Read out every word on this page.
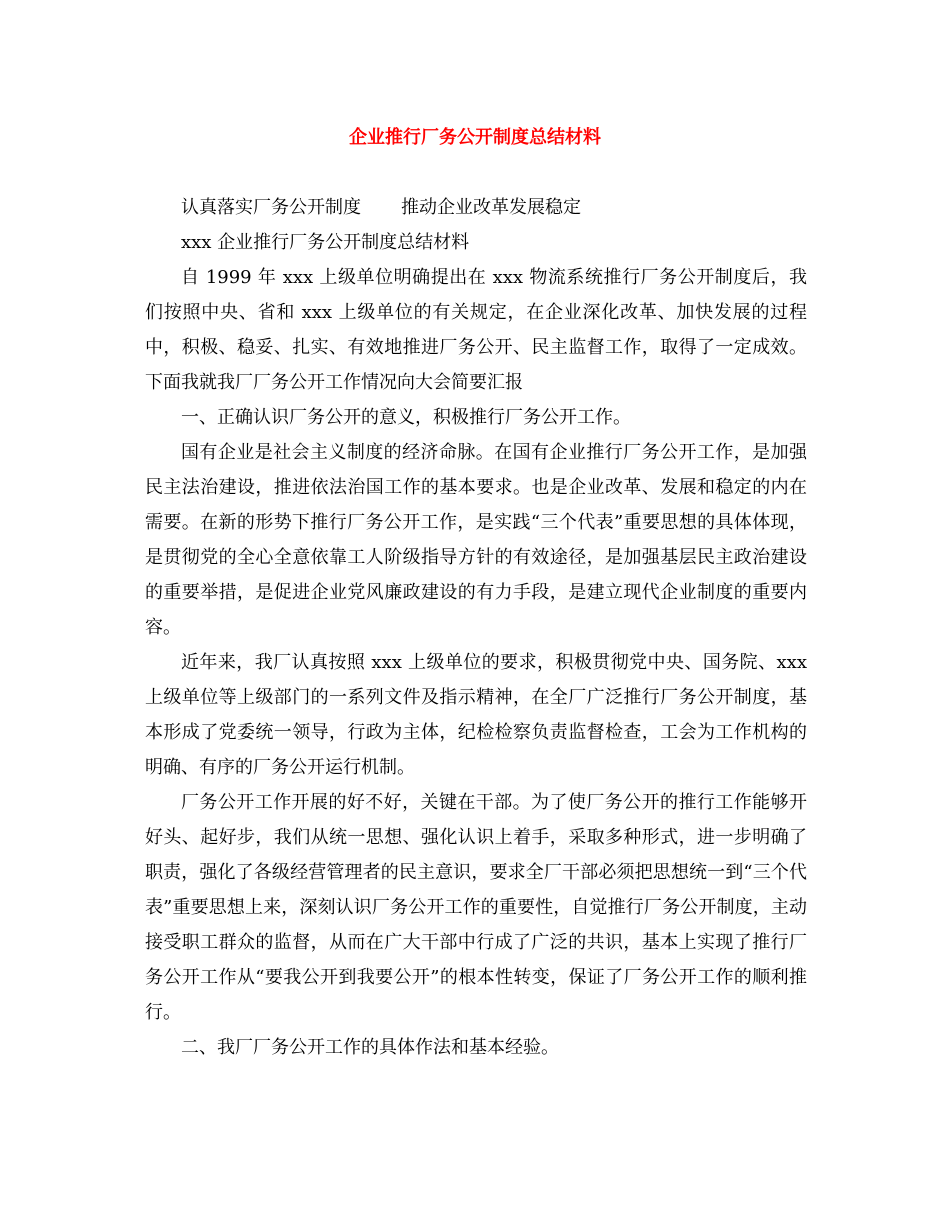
企业推行厂务公开制度总结材料
认真落实厂务公开制度 推动企业改革发展稳定

xxx 企业推行厂务公开制度总结材料

自 1999 年 xxx 上级单位明确提出在 xxx 物流系统推行厂务公开制度后，我们按照中央、省和 xxx 上级单位的有关规定，在企业深化改革、加快发展的过程中，积极、稳妥、扎实、有效地推进厂务公开、民主监督工作，取得了一定成效。下面我就我厂厂务公开工作情况向大会简要汇报

一、正确认识厂务公开的意义，积极推行厂务公开工作。

国有企业是社会主义制度的经济命脉。在国有企业推行厂务公开工作，是加强民主法治建设，推进依法治国工作的基本要求。也是企业改革、发展和稳定的内在需要。在新的形势下推行厂务公开工作，是实践“三个代表”重要思想的具体体现，是贯彻党的全心全意依靠工人阶级指导方针的有效途径，是加强基层民主政治建设的重要举措，是促进企业党风廉政建设的有力手段，是建立现代企业制度的重要内容。

近年来，我厂认真按照 xxx 上级单位的要求，积极贯彻党中央、国务院、xxx 上级单位等上级部门的一系列文件及指示精神，在全厂广泛推行厂务公开制度，基本形成了党委统一领导，行政为主体，纪检检察负责监督检查，工会为工作机构的明确、有序的厂务公开运行机制。

厂务公开工作开展的好不好，关键在干部。为了使厂务公开的推行工作能够开好头、起好步，我们从统一思想、强化认识上着手，采取多种形式，进一步明确了职责，强化了各级经营管理者的民主意识，要求全厂干部必须把思想统一到“三个代表”重要思想上来，深刻认识厂务公开工作的重要性，自觉推行厂务公开制度，主动接受职工群众的监督，从而在广大干部中行成了广泛的共识，基本上实现了推行厂务公开工作从“要我公开到我要公开”的根本性转变，保证了厂务公开工作的顺利推行。

二、我厂厂务公开工作的具体作法和基本经验。
